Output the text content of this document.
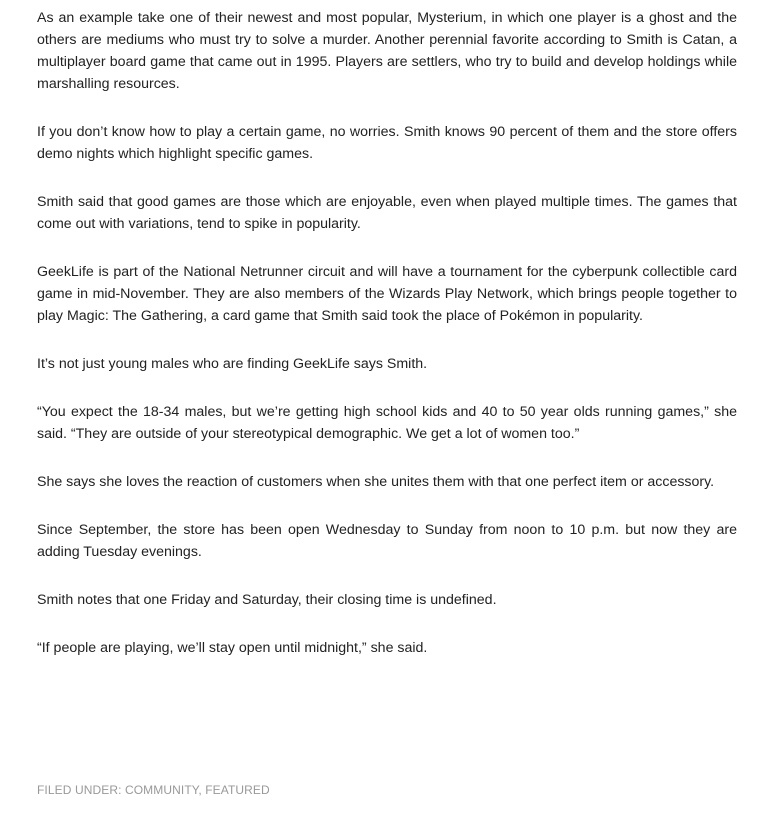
As an example take one of their newest and most popular, Mysterium, in which one player is a ghost and the others are mediums who must try to solve a murder. Another perennial favorite according to Smith is Catan, a multiplayer board game that came out in 1995. Players are settlers, who try to build and develop holdings while marshalling resources.

If you don’t know how to play a certain game, no worries. Smith knows 90 percent of them and the store offers demo nights which highlight specific games.

Smith said that good games are those which are enjoyable, even when played multiple times. The games that come out with variations, tend to spike in popularity.

GeekLife is part of the National Netrunner circuit and will have a tournament for the cyberpunk collectible card game in mid-November. They are also members of the Wizards Play Network, which brings people together to play Magic: The Gathering, a card game that Smith said took the place of Pokémon in popularity.

It’s not just young males who are finding GeekLife says Smith.

“You expect the 18-34 males, but we’re getting high school kids and 40 to 50 year olds running games,” she said. “They are outside of your stereotypical demographic. We get a lot of women too.”

She says she loves the reaction of customers when she unites them with that one perfect item or accessory.

Since September, the store has been open Wednesday to Sunday from noon to 10 p.m. but now they are adding Tuesday evenings.

Smith notes that one Friday and Saturday, their closing time is undefined.

“If people are playing, we’ll stay open until midnight,” she said.

FILED UNDER: COMMUNITY, FEATURED
